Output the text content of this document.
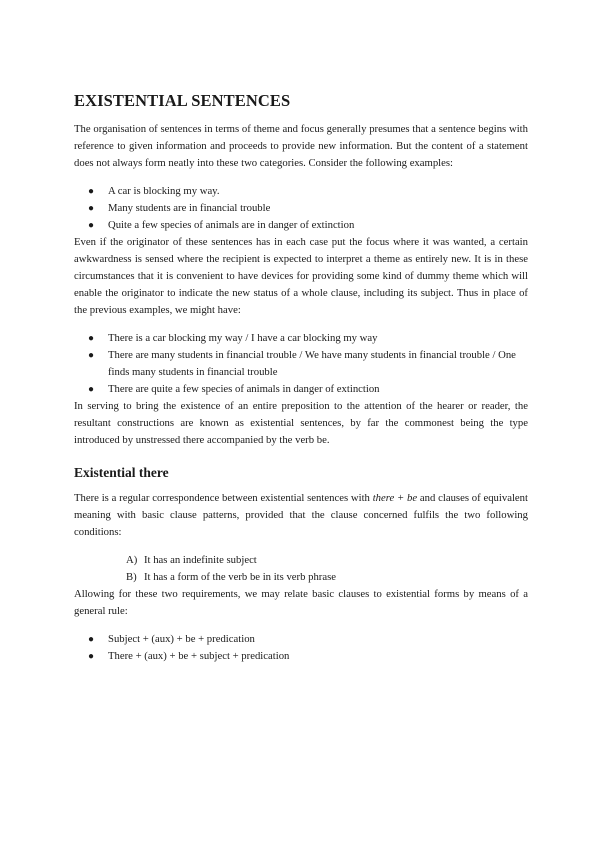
EXISTENTIAL SENTENCES

The organisation of sentences in terms of theme and focus generally presumes that a sentence begins with reference to given information and proceeds to provide new information. But the content of a statement does not always form neatly into these two categories. Consider the following examples:

● A car is blocking my way.
● Many students are in financial trouble
● Quite a few species of animals are in danger of extinction

Even if the originator of these sentences has in each case put the focus where it was wanted, a certain awkwardness is sensed where the recipient is expected to interpret a theme as entirely new. It is in these circumstances that it is convenient to have devices for providing some kind of dummy theme which will enable the originator to indicate the new status of a whole clause, including its subject. Thus in place of the previous examples, we might have:

● There is a car blocking my way / I have a car blocking my way
● There are many students in financial trouble / We have many students in financial trouble / One finds many students in financial trouble
● There are quite a few species of animals in danger of extinction

In serving to bring the existence of an entire preposition to the attention of the hearer or reader, the resultant constructions are known as existential sentences, by far the commonest being the type introduced by unstressed there accompanied by the verb be.

Existential there

There is a regular correspondence between existential sentences with there + be and clauses of equivalent meaning with basic clause patterns, provided that the clause concerned fulfils the two following conditions:

A) It has an indefinite subject
B) It has a form of the verb be in its verb phrase

Allowing for these two requirements, we may relate basic clauses to existential forms by means of a general rule:

● Subject + (aux) + be + predication
● There + (aux) + be + subject + predication
